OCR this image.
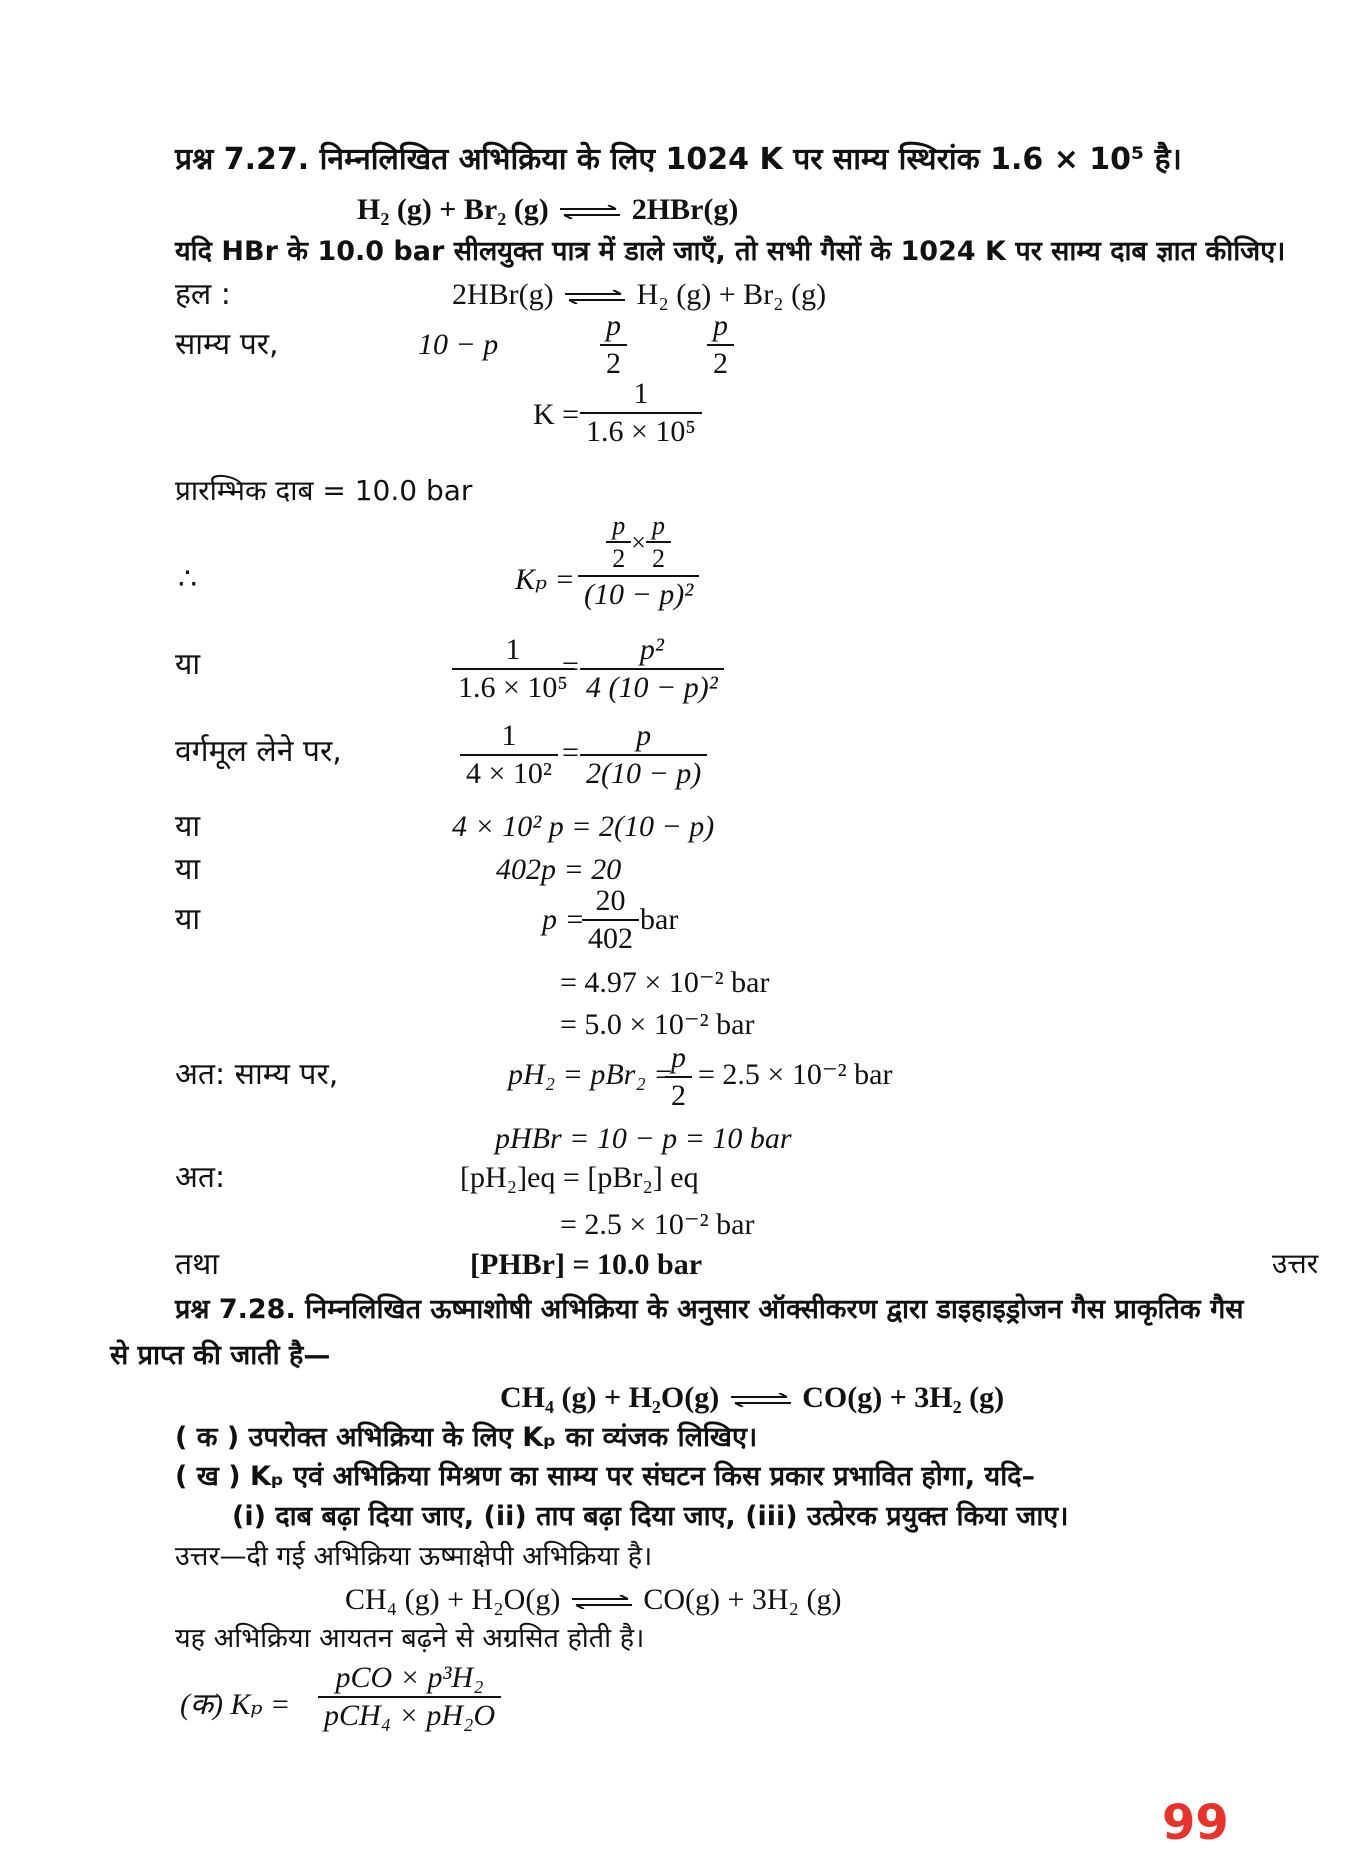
प्रश्न 7.27. निम्नलिखित अभिक्रिया के लिए 1024 K पर साम्य स्थिरांक 1.6 × 10⁵ है।
H₂ (g) + Br₂ (g) ⇌ 2HBr(g)
यदि HBr के 10.0 bar सीलयुक्त पात्र में डाले जाएँ, तो सभी गैसों के 1024 K पर साम्य दाब ज्ञात कीजिए।
हल :	2HBr(g) ⇌ H₂ (g) + Br₂ (g)
साम्य पर,	10 − p
p
2
p
2
K =
1
1.6 × 10⁵
प्रारम्भिक दाब = 10.0 bar
∴	Kₚ =
$\frac{p}{2} \times \frac{p}{2}$
(10 − p)²
या	1
1.6 × 10⁵
=
p²
4 (10 − p)²
वर्गमूल लेने पर,	1
4 × 10²
=
p
2(10 − p)
या	4 × 10² p = 2(10 − p)
या	402p = 20
या	p =
20
402
bar
= 4.97 × 10⁻² bar
= 5.0 × 10⁻² bar
अत: साम्य पर,	pH₂ = pBr₂ =
p
2
= 2.5 × 10⁻² bar
pHBr = 10 − p = 10 bar
अत:	[pH₂]eq = [pBr₂] eq
= 2.5 × 10⁻² bar
तथा	[PHBr] = 10.0 bar	उत्तर
प्रश्न 7.28. निम्नलिखित ऊष्माशोषी अभिक्रिया के अनुसार ऑक्सीकरण द्वारा डाइहाइड्रोजन गैस प्राकृतिक गैस
से प्राप्त की जाती है—
CH₄ (g) + H₂O(g) ⇌ CO(g) + 3H₂ (g)
( क ) उपरोक्त अभिक्रिया के लिए Kₚ का व्यंजक लिखिए।
( ख ) Kₚ एवं अभिक्रिया मिश्रण का साम्य पर संघटन किस प्रकार प्रभावित होगा, यदि–
(i) दाब बढ़ा दिया जाए, (ii) ताप बढ़ा दिया जाए, (iii) उत्प्रेरक प्रयुक्त किया जाए।
उत्तर—दी गई अभिक्रिया ऊष्माक्षेपी अभिक्रिया है।
CH₄ (g) + H₂O(g) ⇌ CO(g) + 3H₂ (g)
यह अभिक्रिया आयतन बढ़ने से अग्रसित होती है।
(क) Kₚ =
pCO × p³H₂
pCH₄ × pH₂O
99
